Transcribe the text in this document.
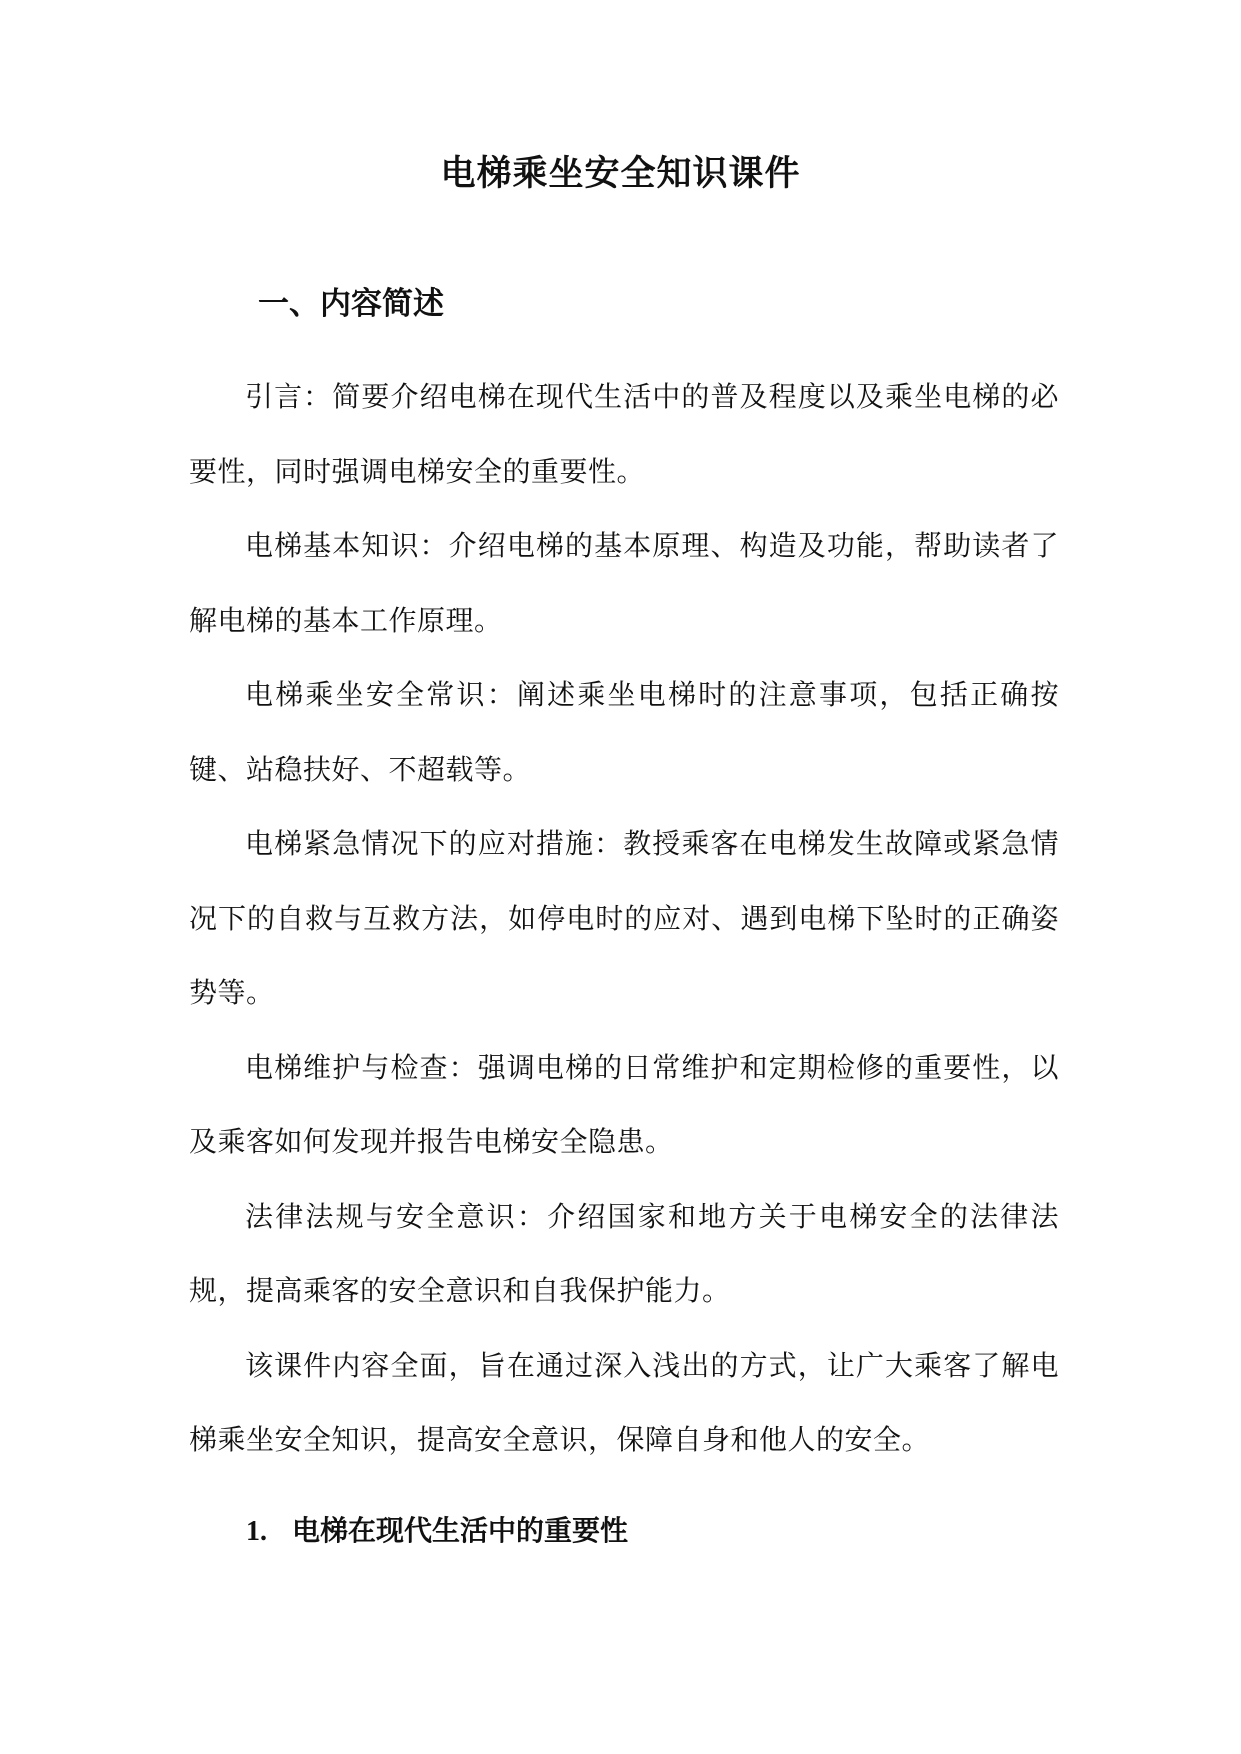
电梯乘坐安全知识课件
一、内容简述

引言：简要介绍电梯在现代生活中的普及程度以及乘坐电梯的必要性，同时强调电梯安全的重要性。

电梯基本知识：介绍电梯的基本原理、构造及功能，帮助读者了解电梯的基本工作原理。

电梯乘坐安全常识：阐述乘坐电梯时的注意事项，包括正确按键、站稳扶好、不超载等。

电梯紧急情况下的应对措施：教授乘客在电梯发生故障或紧急情况下的自救与互救方法，如停电时的应对、遇到电梯下坠时的正确姿势等。

电梯维护与检查：强调电梯的日常维护和定期检修的重要性，以及乘客如何发现并报告电梯安全隐患。

法律法规与安全意识：介绍国家和地方关于电梯安全的法律法规，提高乘客的安全意识和自我保护能力。

该课件内容全面，旨在通过深入浅出的方式，让广大乘客了解电梯乘坐安全知识，提高安全意识，保障自身和他人的安全。

1. 电梯在现代生活中的重要性
